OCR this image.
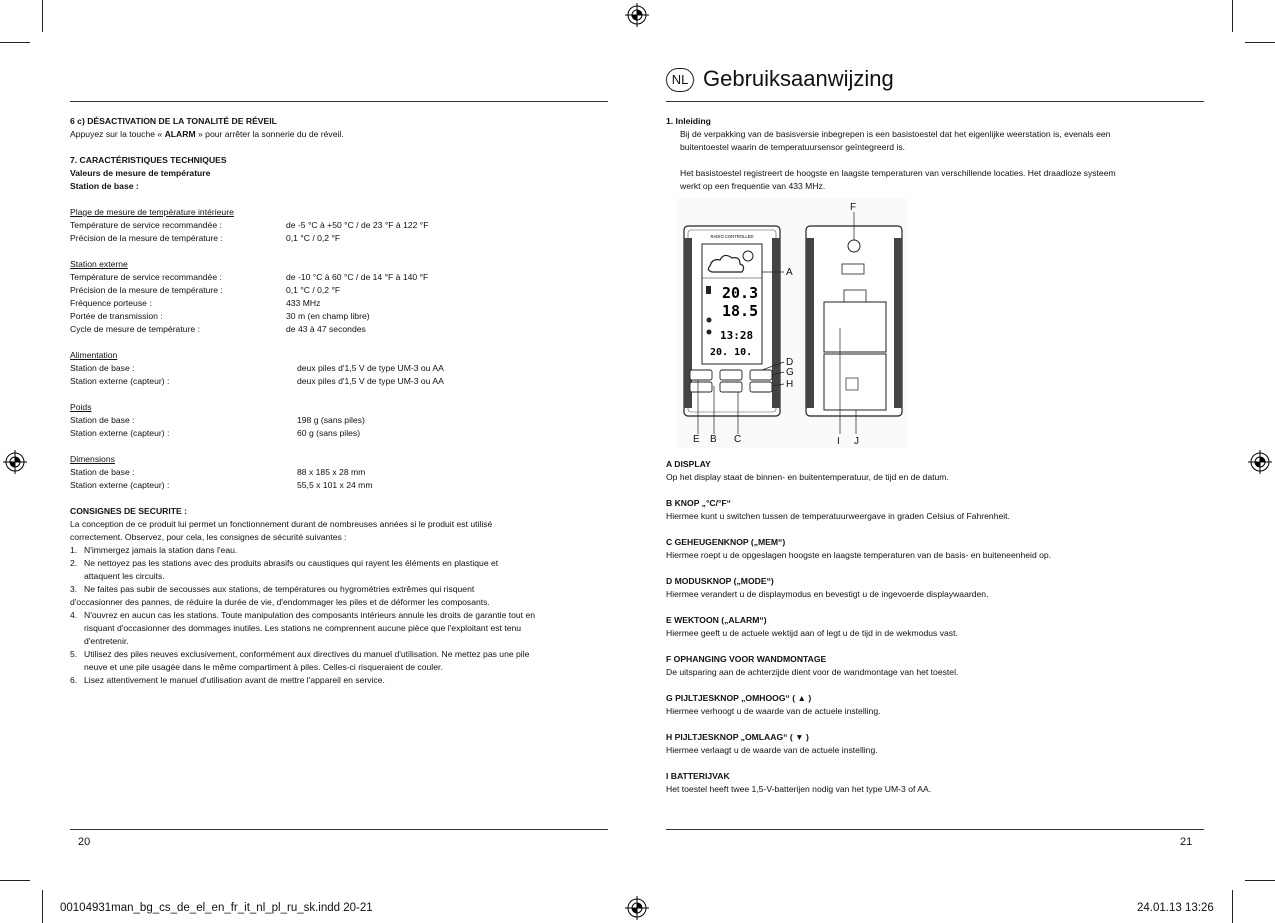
00104931man_bg_cs_de_el_en_fr_it_nl_pl_ru_sk.indd 20-21	24.01.13 13:26
6 c) DÉSACTIVATION DE LA TONALITÉ DE RÉVEIL
Appuyez sur la touche « ALARM » pour arrêter la sonnerie du de réveil.
7. CARACTÉRISTIQUES TECHNIQUES
Valeurs de mesure de température
Station de base :

Plage de mesure de température intérieure
Température de service recommandée :	de -5 °C à +50 °C / de 23 °F à 122 °F
Précision de la mesure de température :	0,1 °C / 0,2 °F

Station externe
Température de service recommandée :	de -10 °C à 60 °C / de 14 °F à 140 °F
Précision de la mesure de température :	0,1 °C / 0,2 °F
Fréquence porteuse :	433 MHz
Portée de transmission :	30 m (en champ libre)
Cycle de mesure de température :	de 43 à 47 secondes

Alimentation
Station de base :	deux piles d'1,5 V de type UM-3 ou AA
Station externe (capteur) :	deux piles d'1,5 V de type UM-3 ou AA

Poids
Station de base :	198 g (sans piles)
Station externe (capteur) :	60 g (sans piles)

Dimensions
Station de base :	88 x 185 x 28 mm
Station externe (capteur) :	55,5 x 101 x 24 mm
CONSIGNES DE SECURITE :
La conception de ce produit lui permet un fonctionnement durant de nombreuses années si le produit est utilisé
correctement. Observez, pour cela, les consignes de sécurité suivantes :
1. N'immergez jamais la station dans l'eau.
2. Ne nettoyez pas les stations avec des produits abrasifs ou caustiques qui rayent les éléments en plastique et
attaquent les circuits.
3. Ne faites pas subir de secousses aux stations, de températures ou hygrométries extrêmes qui risquent
d'occasionner des pannes, de réduire la durée de vie, d'endommager les piles et de déformer les composants.
4. N'ouvrez en aucun cas les stations. Toute manipulation des composants intérieurs annule les droits de garantie tout en
risquant d'occasionner des dommages inutiles. Les stations ne comprennent aucune pièce que l'exploitant est tenu
d'entretenir.
5. Utilisez des piles neuves exclusivement, conformément aux directives du manuel d'utilisation. Ne mettez pas une pile
neuve et une pile usagée dans le même compartiment à piles. Celles-ci risqueraient de couler.
6. Lisez attentivement le manuel d'utilisation avant de mettre l'appareil en service.
20
NL Gebruiksaanwijzing
1. Inleiding
Bij de verpakking van de basisversie inbegrepen is een basistoestel dat het eigenlijke weerstation is, evenals een
buitentoestel waarin de temperatuursensor geïntegreerd is.

Het basistoestel registreert de hoogste en laagste temperaturen van verschillende locaties. Het draadloze systeem
werkt op een frequentie van 433 MHz.
RADIO CONTROLLED
20.3
18.5
13:28
20. 10.
A
D
G
H
E B C
F
I J
A DISPLAY
Op het display staat de binnen- en buitentemperatuur, de tijd en de datum.

B KNOP „°C/°F“
Hiermee kunt u switchen tussen de temperatuurweergave in graden Celsius of Fahrenheit.

C GEHEUGENKNOP („MEM“)
Hiermee roept u de opgeslagen hoogste en laagste temperaturen van de basis- en buiteneenheid op.

D MODUSKNOP („MODE“)
Hiermee verandert u de displaymodus en bevestigt u de ingevoerde displaywaarden.

E WEKTOON („ALARM“)
Hiermee geeft u de actuele wektijd aan of legt u de tijd in de wekmodus vast.

F OPHANGING VOOR WANDMONTAGE
De uitsparing aan de achterzijde dient voor de wandmontage van het toestel.

G PIJLTJESKNOP „OMHOOG“ ( ▲ )
Hiermee verhoogt u de waarde van de actuele instelling.

H PIJLTJESKNOP „OMLAAG“ ( ▼ )
Hiermee verlaagt u de waarde van de actuele instelling.

I BATTERIJVAK
Het toestel heeft twee 1,5-V-batterijen nodig van het type UM-3 of AA.
21
